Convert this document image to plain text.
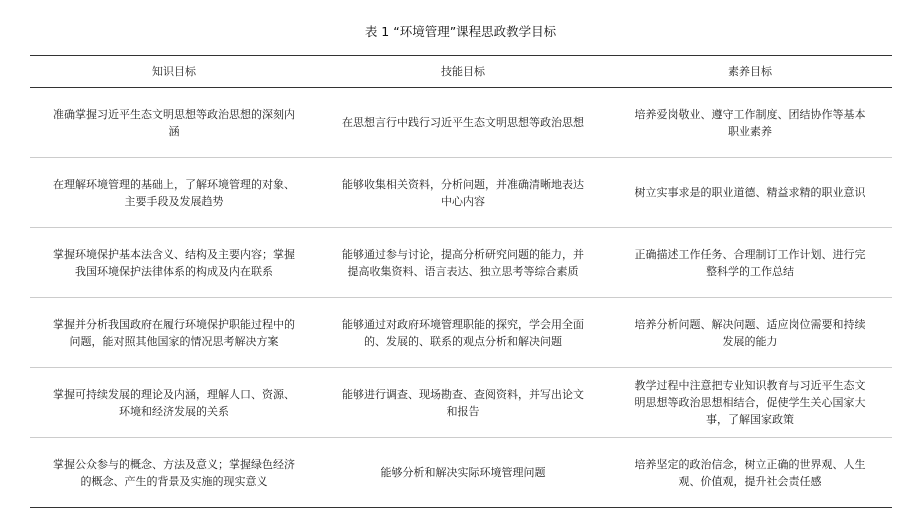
表 1 “环境管理”课程思政教学目标
知识目标	技能目标	素养目标
准确掌握习近平生态文明思想等政治思想的深刻内涵	在思想言行中践行习近平生态文明思想等政治思想	培养爱岗敬业、遵守工作制度、团结协作等基本职业素养
在理解环境管理的基础上，了解环境管理的对象、主要手段及发展趋势	能够收集相关资料，分析问题，并准确清晰地表达中心内容	树立实事求是的职业道德、精益求精的职业意识
掌握环境保护基本法含义、结构及主要内容；掌握我国环境保护法律体系的构成及内在联系	能够通过参与讨论，提高分析研究问题的能力，并提高收集资料、语言表达、独立思考等综合素质	正确描述工作任务、合理制订工作计划、进行完整科学的工作总结
掌握并分析我国政府在履行环境保护职能过程中的问题，能对照其他国家的情况思考解决方案	能够通过对政府环境管理职能的探究，学会用全面的、发展的、联系的观点分析和解决问题	培养分析问题、解决问题、适应岗位需要和持续发展的能力
掌握可持续发展的理论及内涵，理解人口、资源、环境和经济发展的关系	能够进行调查、现场勘查、查阅资料，并写出论文和报告	教学过程中注意把专业知识教育与习近平生态文明思想等政治思想相结合，促使学生关心国家大事，了解国家政策
掌握公众参与的概念、方法及意义；掌握绿色经济的概念、产生的背景及实施的现实意义	能够分析和解决实际环境管理问题	培养坚定的政治信念，树立正确的世界观、人生观、价值观，提升社会责任感
